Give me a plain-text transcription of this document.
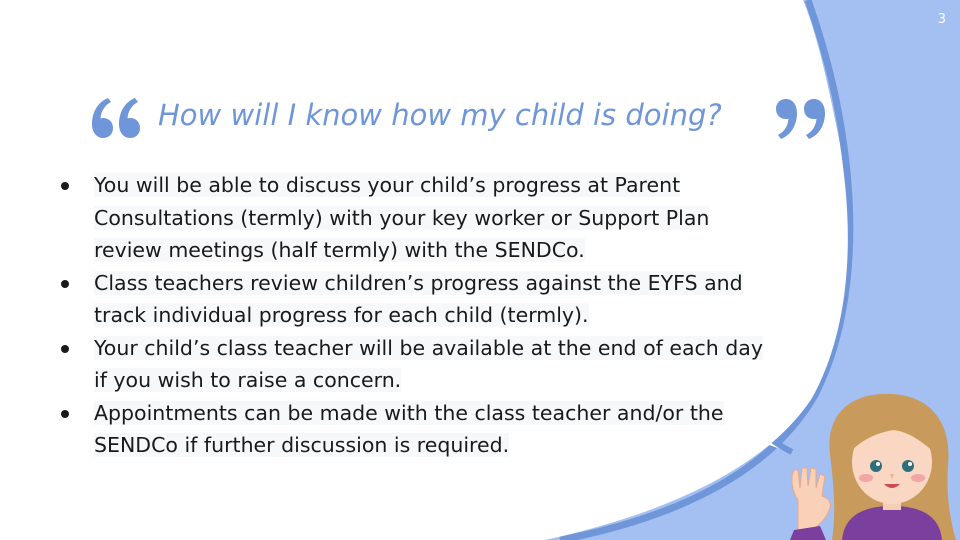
3
How will I know how my child is doing?
You will be able to discuss your child’s progress at Parent Consultations (termly) with your key worker or Support Plan review meetings (half termly) with the SENDCo.
Class teachers review children’s progress against the EYFS and track individual progress for each child (termly).
Your child’s class teacher will be available at the end of each day if you wish to raise a concern.
Appointments can be made with the class teacher and/or the SENDCo if further discussion is required.
